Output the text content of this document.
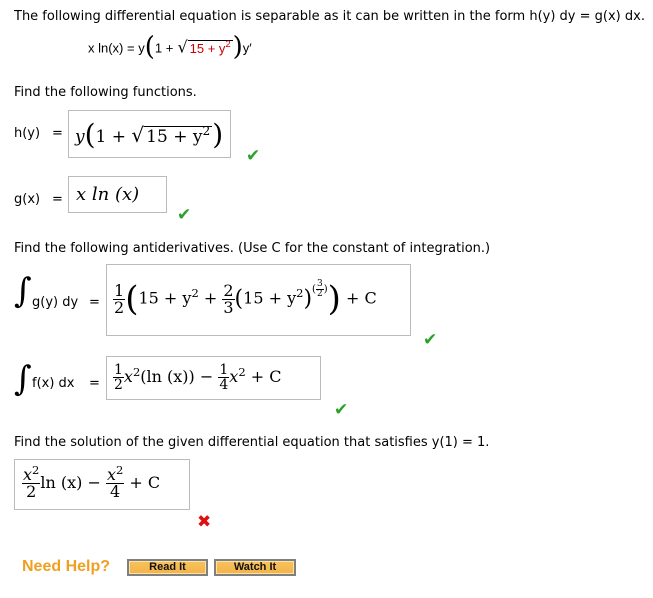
The following differential equation is separable as it can be written in the form h(y) dy = g(x) dx.
x ln(x) = y(1 + √ $15 + y^2)y'$
Find the following functions.
h(y) = y(1 + √ $15 + y^2$)
✔
g(x) = x ln (x)
✔
Find the following antiderivatives. (Use C for the constant of integration.)
∫ g(y) dy = $\frac{1}{2} (15 + y^2 + \frac{2}{3} (15 + y^2)^{( \frac{3}{2} )}) + C$
✔
∫ f(x) dx = $\frac{1}{2} x^2(\ln$ $(x)) - \frac{1}{4} x^2 + C$
✔
Find the solution of the given differential equation that satisfies y(1) = 1.
$\frac{x^2}{2}$ $\ln (x) - \frac{x^2}{4} + C$
✖
Need Help?	Read It	Watch It
